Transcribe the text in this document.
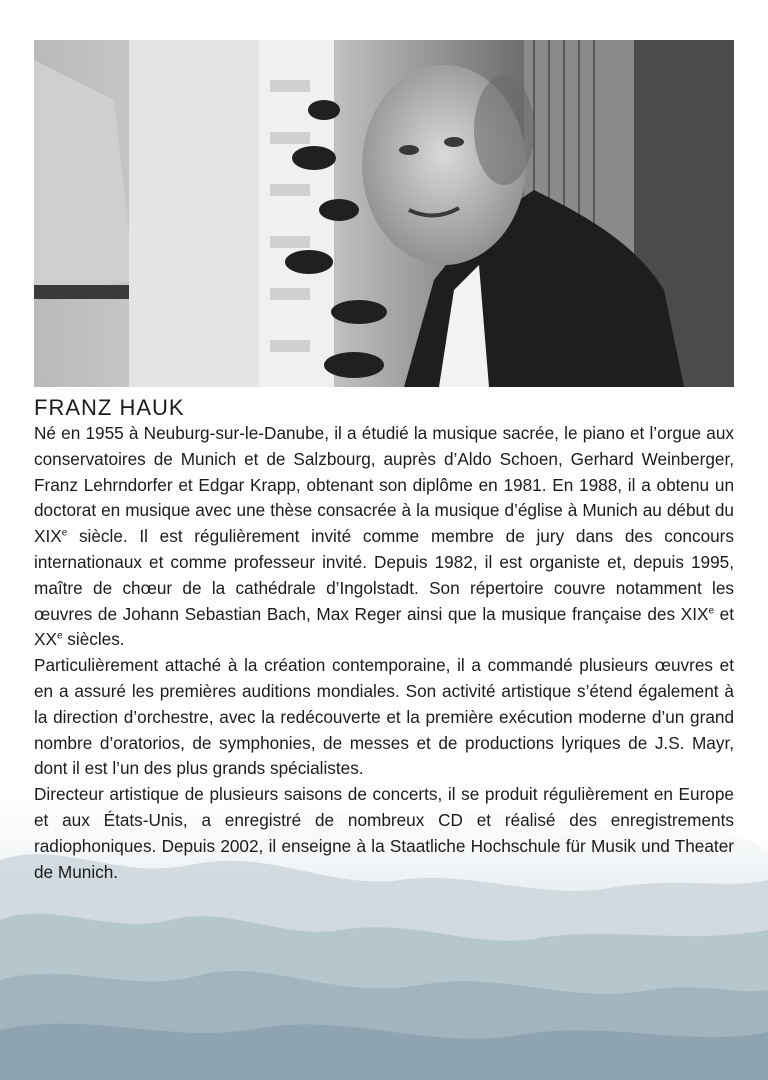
FRANZ HAUK

Né en 1955 à Neuburg-sur-le-Danube, il a étudié la musique sacrée, le piano et l’orgue aux conservatoires de Munich et de Salzbourg, auprès d’Aldo Schoen, Gerhard Weinberger, Franz Lehrndorfer et Edgar Krapp, obtenant son diplôme en 1981. En 1988, il a obtenu un doctorat en musique avec une thèse consacrée à la musique d’église à Munich au début du XIXe siècle. Il est régulièrement invité comme membre de jury dans des concours internationaux et comme professeur invité. Depuis 1982, il est organiste et, depuis 1995, maître de chœur de la cathédrale d’Ingolstadt. Son répertoire couvre notamment les œuvres de Johann Sebastian Bach, Max Reger ainsi que la musique française des XIXe et XXe siècles.

Particulièrement attaché à la création contemporaine, il a commandé plusieurs œuvres et en a assuré les premières auditions mondiales. Son activité artistique s’étend également à la direction d’orchestre, avec la redécouverte et la première exécution moderne d’un grand nombre d’oratorios, de symphonies, de messes et de productions lyriques de J.S. Mayr, dont il est l’un des plus grands spécialistes.

Directeur artistique de plusieurs saisons de concerts, il se produit régulièrement en Europe et aux États-Unis, a enregistré de nombreux CD et réalisé des enregistrements radiophoniques. Depuis 2002, il enseigne à la Staatliche Hochschule für Musik und Theater de Munich.
